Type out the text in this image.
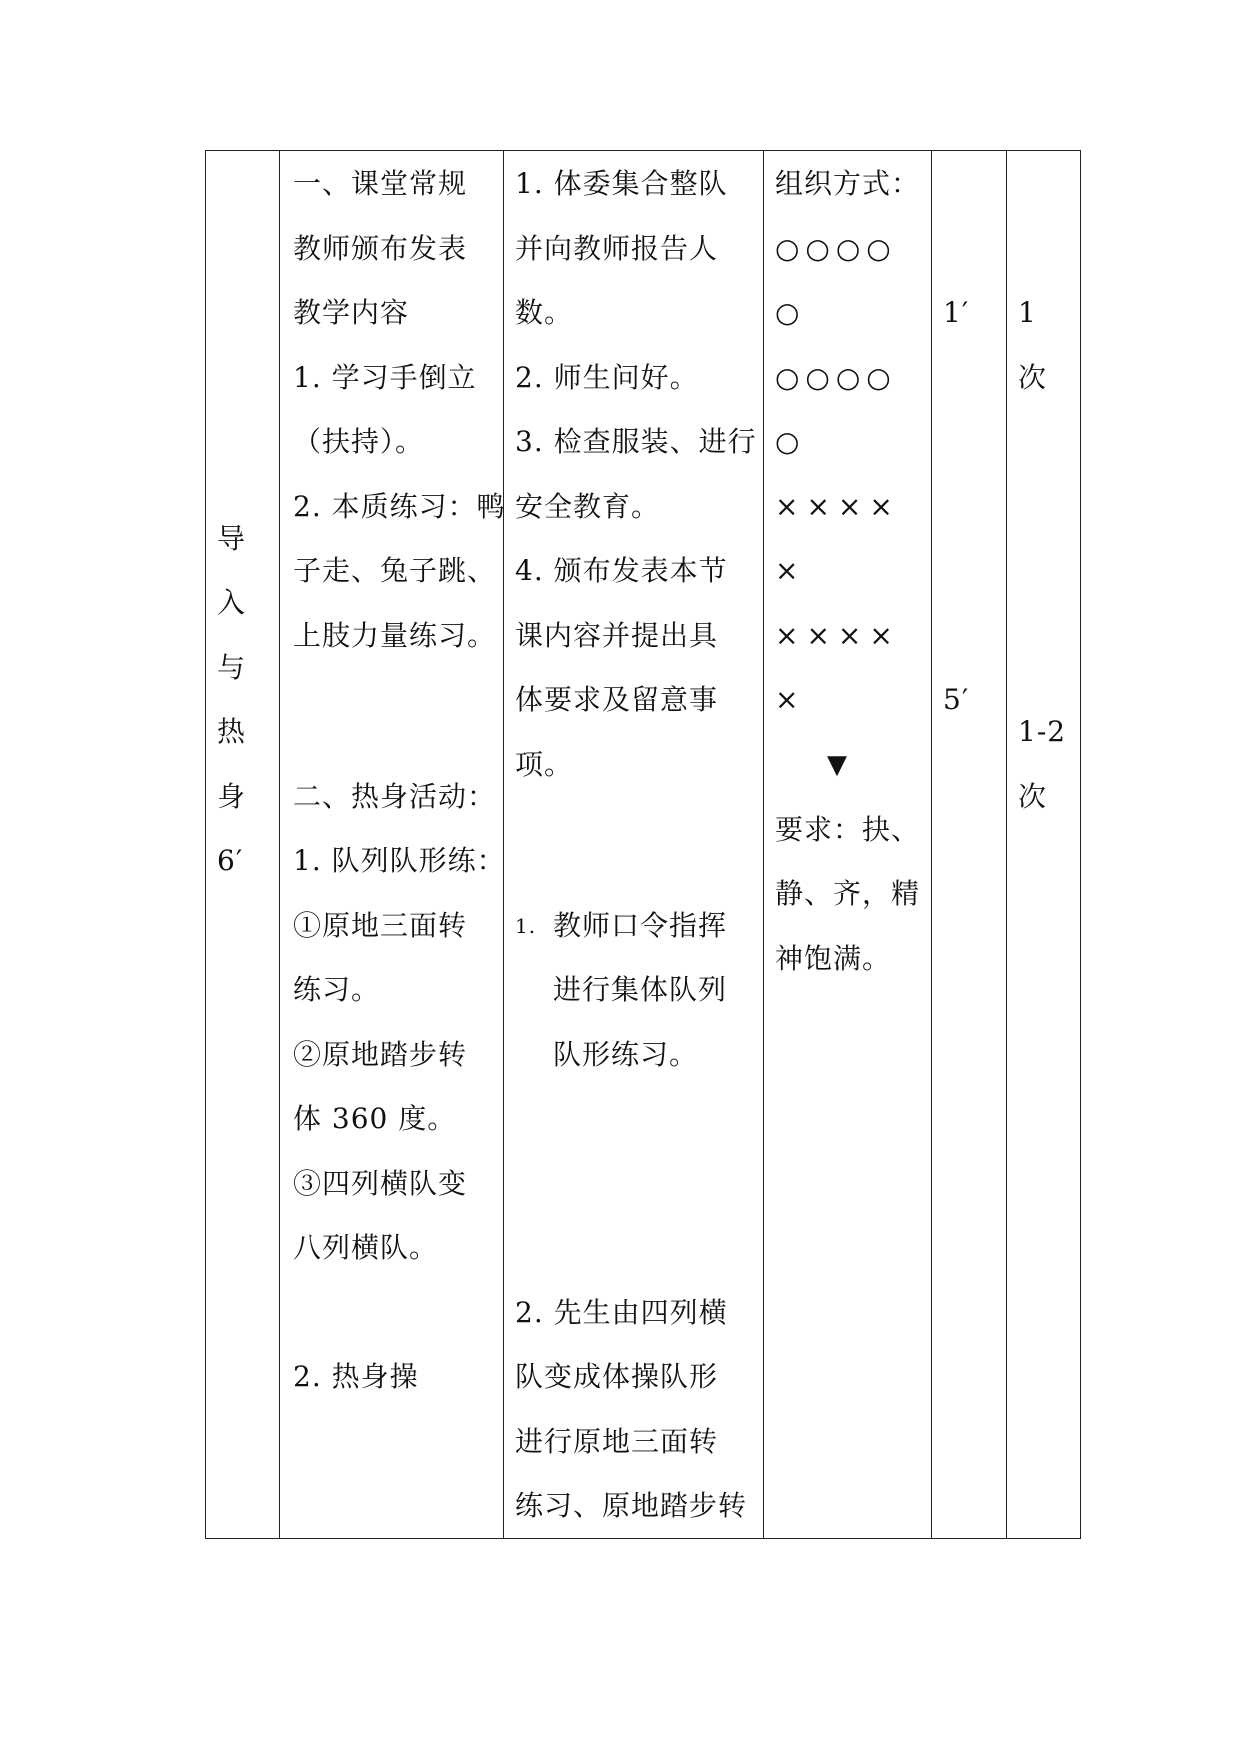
导
入
与
热
身
6′
一、课堂常规
教师颁布发表
教学内容
1. 学习手倒立
（扶持）。
2. 本质练习：鸭
子走、兔子跳、
上肢力量练习。
二、热身活动：
1. 队列队形练：
①原地三面转
练习。
②原地踏步转
体 360 度。
③四列横队变
八列横队。
2. 热身操
1. 体委集合整队
并向教师报告人
数。
2. 师生问好。
3. 检查服装、进行
安全教育。
4. 颁布发表本节
课内容并提出具
体要求及留意事
项。
1. 教师口令指挥
进行集体队列
队形练习。
2. 先生由四列横
队变成体操队形
进行原地三面转
练习、原地踏步转
组织方式：
○○○○
○
○○○○
○
××××
×
××××
×
▼
要求：抉、
静、齐，精
神饱满。
1′
5′
1
次
1-2
次
